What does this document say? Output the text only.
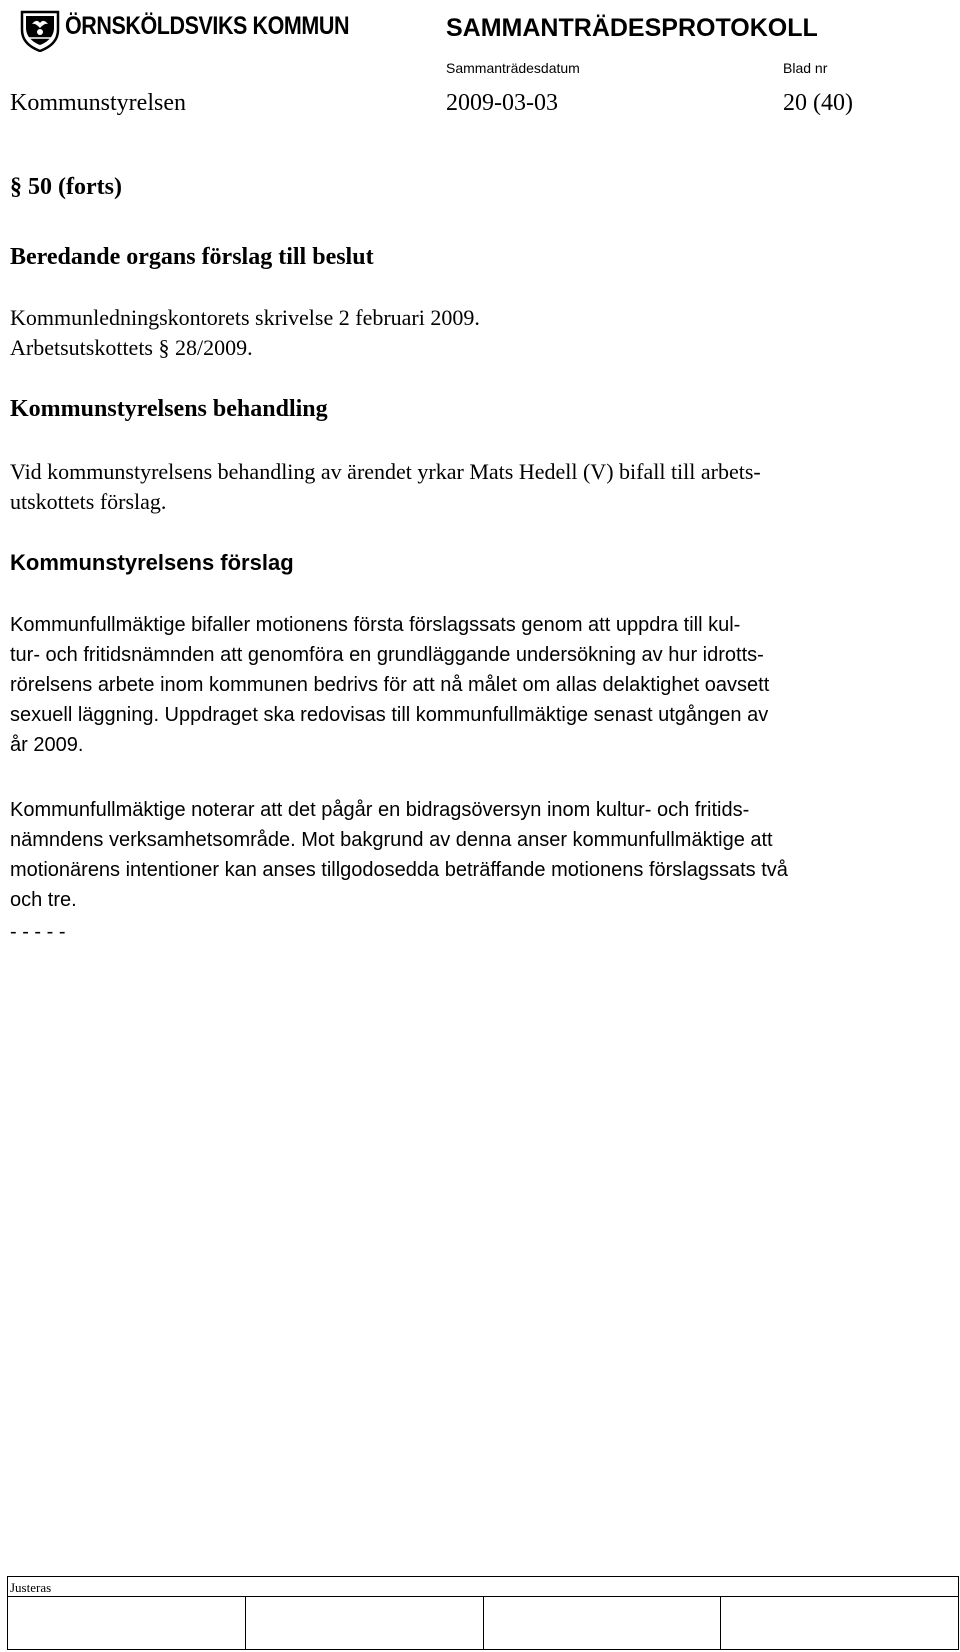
ÖRNSKÖLDSVIKS KOMMUN	SAMMANTRÄDESPROTOKOLL
Sammanträdesdatum	Blad nr
Kommunstyrelsen	2009-03-03	20 (40)
§ 50 (forts)
Beredande organs förslag till beslut
Kommunledningskontorets skrivelse 2 februari 2009.
Arbetsutskottets § 28/2009.
Kommunstyrelsens behandling
Vid kommunstyrelsens behandling av ärendet yrkar Mats Hedell (V) bifall till arbets-
utskottets förslag.
Kommunstyrelsens förslag
Kommunfullmäktige bifaller motionens första förslagssats genom att uppdra till kul-
tur- och fritidsnämnden att genomföra en grundläggande undersökning av hur idrotts-
rörelsens arbete inom kommunen bedrivs för att nå målet om allas delaktighet oavsett
sexuell läggning. Uppdraget ska redovisas till kommunfullmäktige senast utgången av
år 2009.
Kommunfullmäktige noterar att det pågår en bidragsöversyn inom kultur- och fritids-
nämndens verksamhetsområde. Mot bakgrund av denna anser kommunfullmäktige att
motionärens intentioner kan anses tillgodosedda beträffande motionens förslagssats två
och tre.
- - - - -
Justeras
